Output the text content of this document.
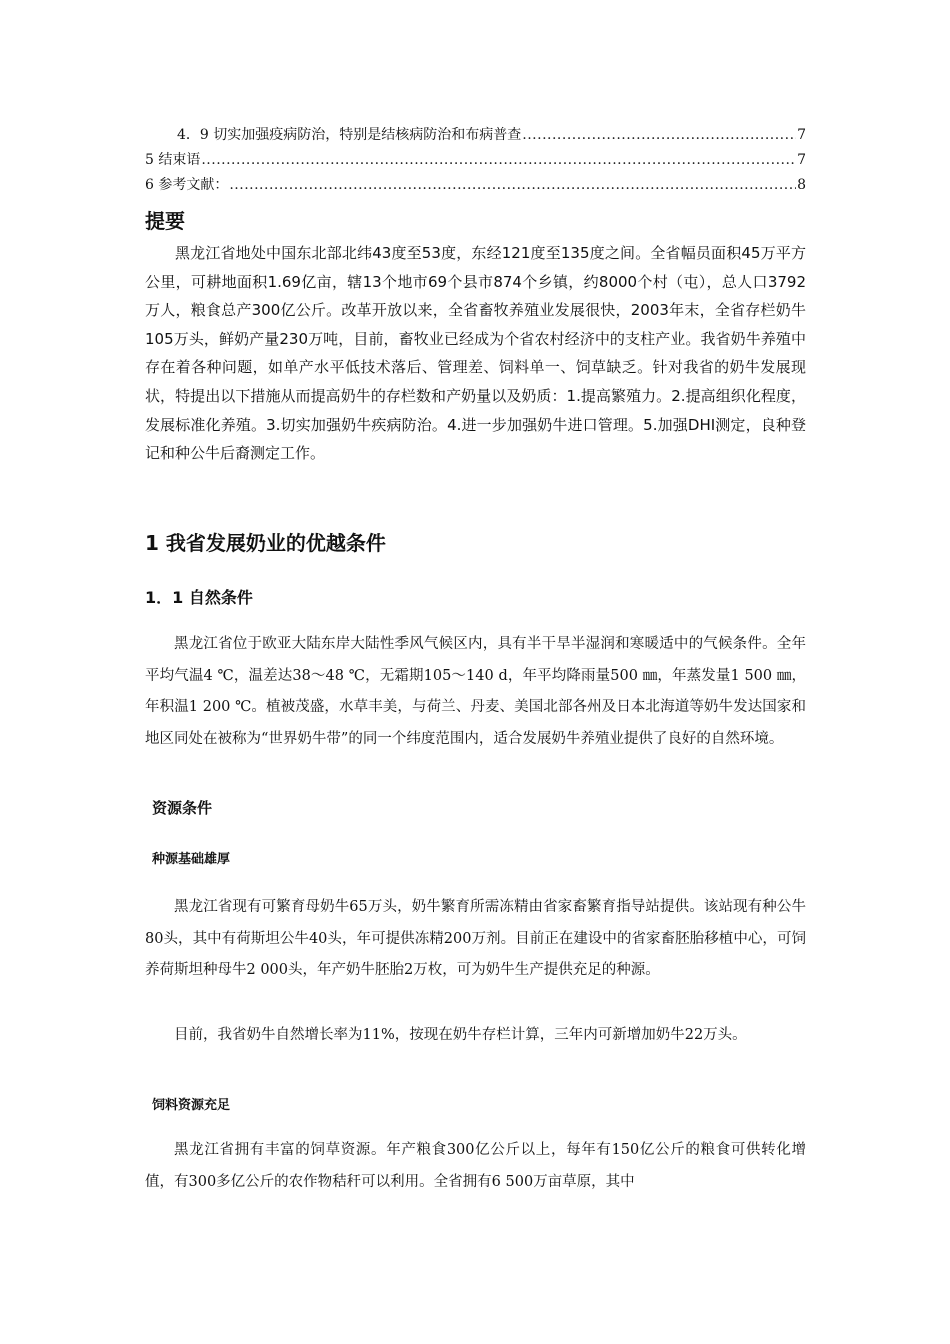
4．9 切实加强疫病防治，特别是结核病防治和布病普查 .....	7
5 结束语 .....	7
6 参考文献： .....	8
提要

黑龙江省地处中国东北部北纬43度至53度，东经121度至135度之间。全省幅员面积45万平方公里，可耕地面积1.69亿亩，辖13个地市69个县市874个乡镇，约8000个村（屯），总人口3792万人，粮食总产300亿公斤。改革开放以来，全省畜牧养殖业发展很快，2003年末，全省存栏奶牛105万头，鲜奶产量230万吨，目前，畜牧业已经成为个省农村经济中的支柱产业。我省奶牛养殖中存在着各种问题，如单产水平低技术落后、管理差、饲料单一、饲草缺乏。针对我省的奶牛发展现状，特提出以下措施从而提高奶牛的存栏数和产奶量以及奶质：1.提高繁殖力。2.提高组织化程度，发展标准化养殖。3.切实加强奶牛疾病防治。4.进一步加强奶牛进口管理。5.加强DHI测定，良种登记和种公牛后裔测定工作。

1 我省发展奶业的优越条件
1．1 自然条件

黑龙江省位于欧亚大陆东岸大陆性季风气候区内，具有半干旱半湿润和寒暖适中的气候条件。全年平均气温4 ℃，温差达38～48 ℃，无霜期105～140 d，年平均降雨量500 ㎜，年蒸发量1 500 ㎜，年积温1 200 ℃。植被茂盛，水草丰美，与荷兰、丹麦、美国北部各州及日本北海道等奶牛发达国家和地区同处在被称为“世界奶牛带”的同一个纬度范围内，适合发展奶牛养殖业提供了良好的自然环境。

资源条件
种源基础雄厚

黑龙江省现有可繁育母奶牛65万头，奶牛繁育所需冻精由省家畜繁育指导站提供。该站现有种公牛80头，其中有荷斯坦公牛40头，年可提供冻精200万剂。目前正在建设中的省家畜胚胎移植中心，可饲养荷斯坦种母牛2 000头，年产奶牛胚胎2万枚，可为奶牛生产提供充足的种源。

目前，我省奶牛自然增长率为11%，按现在奶牛存栏计算，三年内可新增加奶牛22万头。

饲料资源充足

黑龙江省拥有丰富的饲草资源。年产粮食300亿公斤以上，每年有150亿公斤的粮食可供转化增值，有300多亿公斤的农作物秸秆可以利用。全省拥有6 500万亩草原，其中
